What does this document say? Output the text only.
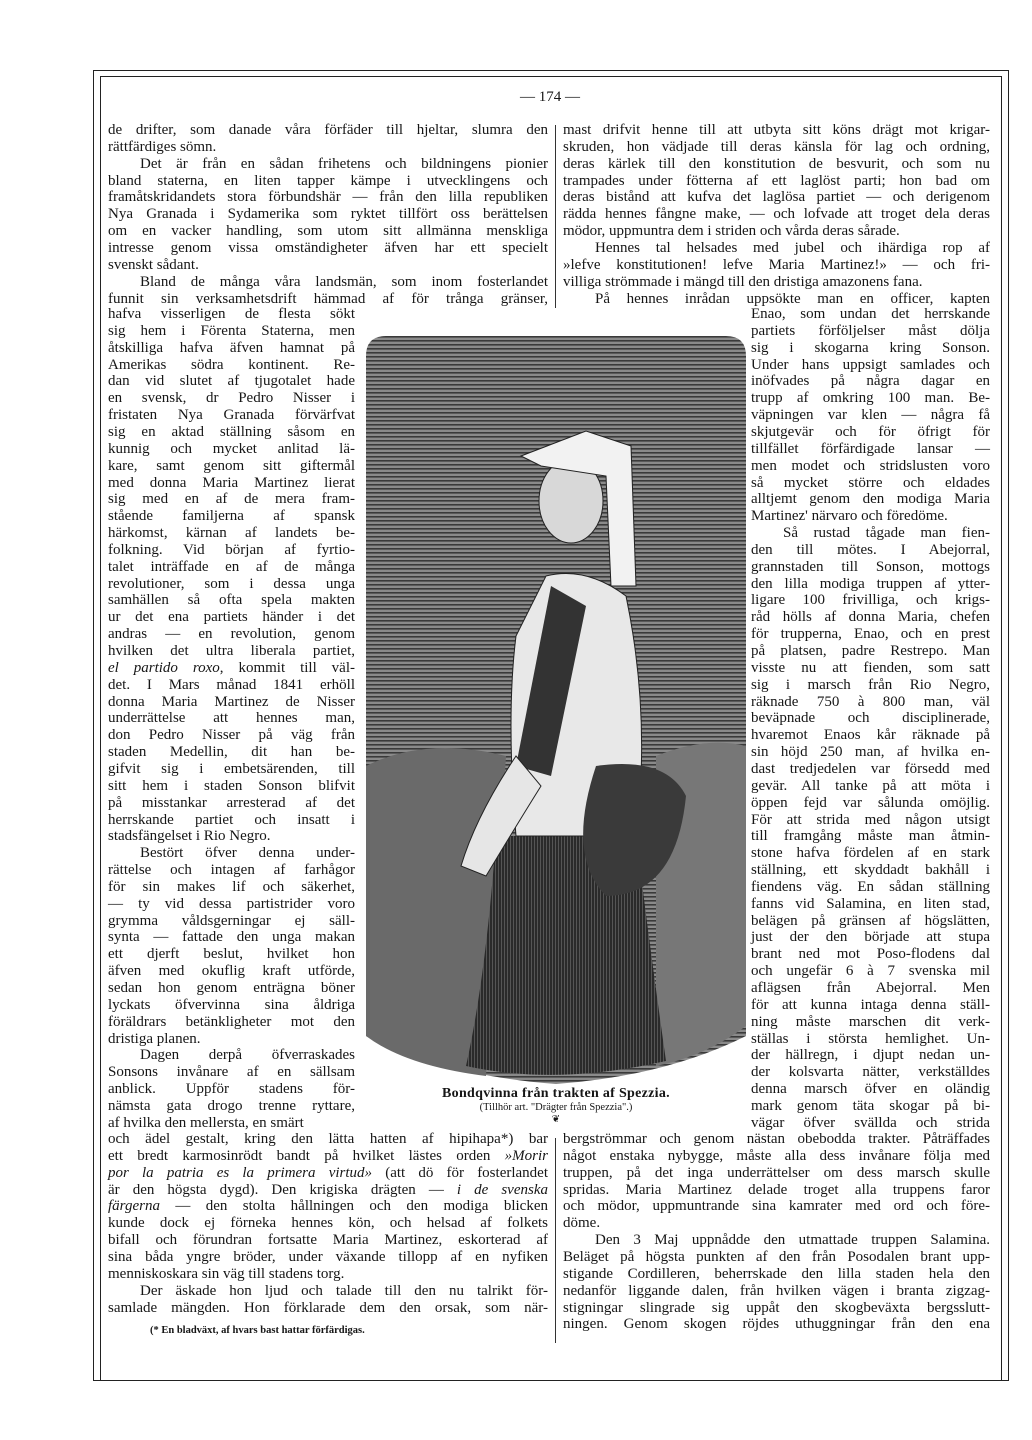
— 174 —
de drifter, som danade våra förfäder till hjeltar, slumra den
rättfärdiges sömn.
Det är från en sådan frihetens och bildningens pionier
bland staterna, en liten tapper kämpe i utvecklingens och
framåtskridandets stora förbundshär — från den lilla republiken
Nya Granada i Sydamerika som ryktet tillfört oss berättelsen
om en vacker handling, som utom sitt allmänna menskliga
intresse genom vissa omständigheter äfven har ett specielt
svenskt sådant.
Bland de många våra landsmän, som inom fosterlandet
funnit sin verksamhetsdrift hämmad af för trånga gränser,
hafva visserligen de flesta sökt
sig hem i Förenta Staterna, men
åtskilliga hafva äfven hamnat på
Amerikas södra kontinent. Re-
dan vid slutet af tjugotalet hade
en svensk, dr Pedro Nisser i
fristaten Nya Granada förvärfvat
sig en aktad ställning såsom en
kunnig och mycket anlitad lä-
kare, samt genom sitt giftermål
med donna Maria Martinez lierat
sig med en af de mera fram-
stående familjerna af spansk
härkomst, kärnan af landets be-
folkning. Vid början af fyrtio-
talet inträffade en af de många
revolutioner, som i dessa unga
samhällen så ofta spela makten
ur det ena partiets händer i det
andras — en revolution, genom
hvilken det ultra liberala partiet,
el partido roxo, kommit till väl-
det. I Mars månad 1841 erhöll
donna Maria Martinez de Nisser
underrättelse att hennes man,
don Pedro Nisser på väg från
staden Medellin, dit han be-
gifvit sig i embetsärenden, till
sitt hem i staden Sonson blifvit
på misstankar arresterad af det
herrskande partiet och insatt i
stadsfängelset i Rio Negro.
Bestört öfver denna under-
rättelse och intagen af farhågor
för sin makes lif och säkerhet,
— ty vid dessa partistrider voro
grymma våldsgerningar ej säll-
synta — fattade den unga makan
ett djerft beslut, hvilket hon
äfven med okuflig kraft utförde,
sedan hon genom enträgna böner
lyckats öfvervinna sina åldriga
föräldrars betänkligheter mot den
dristiga planen.
Dagen derpå öfverraskades
Sonsons invånare af en sällsam
anblick. Uppför stadens för-
nämsta gata drogo trenne ryttare,
af hvilka den mellersta, en smärt
och ädel gestalt, kring den lätta hatten af hipihapa*) bar
ett bredt karmosinrödt bandt på hvilket lästes orden »Morir
por la patria es la primera virtud» (att dö för fosterlandet
är den högsta dygd). Den krigiska drägten — i de svenska
färgerna — den stolta hållningen och den modiga blicken
kunde dock ej förneka hennes kön, och helsad af folkets
bifall och förundran fortsatte Maria Martinez, eskorterad af
sina båda yngre bröder, under växande tillopp af en nyfiken
menniskoskara sin väg till stadens torg.
Der äskade hon ljud och talade till den nu talrikt för-
samlade mängden. Hon förklarade dem den orsak, som när-
(* En bladväxt, af hvars bast hattar förfärdigas.
mast drifvit henne till att utbyta sitt köns drägt mot krigar-
skruden, hon vädjade till deras känsla för lag och ordning,
deras kärlek till den konstitution de besvurit, och som nu
trampades under fötterna af ett laglöst parti; hon bad om
deras bistånd att kufva det laglösa partiet — och derigenom
rädda hennes fångne make, — och lofvade att troget dela deras
mödor, uppmuntra dem i striden och vårda deras sårade.
Hennes tal helsades med jubel och ihärdiga rop af
»lefve konstitutionen! lefve Maria Martinez!» — och fri-
villiga strömmade i mängd till den dristiga amazonens fana.
På hennes inrådan uppsökte man en officer, kapten
Enao, som undan det herrskande
partiets förföljelser måst dölja
sig i skogarna kring Sonson.
Under hans uppsigt samlades och
inöfvades på några dagar en
trupp af omkring 100 man. Be-
väpningen var klen — några få
skjutgevär och för öfrigt för
tillfället förfärdigade lansar —
men modet och stridslusten voro
så mycket större och eldades
alltjemt genom den modiga Maria
Martinez' närvaro och föredöme.
Så rustad tågade man fien-
den till mötes. I Abejorral,
grannstaden till Sonson, mottogs
den lilla modiga truppen af ytter-
ligare 100 frivilliga, och krigs-
råd hölls af donna Maria, chefen
för trupperna, Enao, och en prest
på platsen, padre Restrepo. Man
visste nu att fienden, som satt
sig i marsch från Rio Negro,
räknade 750 à 800 man, väl
beväpnade och disciplinerade,
hvaremot Enaos kår räknade på
sin höjd 250 man, af hvilka en-
dast tredjedelen var försedd med
gevär. All tanke på att möta i
öppen fejd var sålunda omöjlig.
För att strida med någon utsigt
till framgång måste man åtmin-
stone hafva fördelen af en stark
ställning, ett skyddadt bakhåll i
fiendens väg. En sådan ställning
fanns vid Salamina, en liten stad,
belägen på gränsen af högslätten,
just der den började att stupa
brant ned mot Poso-flodens dal
och ungefär 6 à 7 svenska mil
aflägsen från Abejorral. Men
för att kunna intaga denna ställ-
ning måste marschen dit verk-
ställas i största hemlighet. Un-
der hällregn, i djupt nedan un-
der kolsvarta nätter, verkställdes
denna marsch öfver en oländig
mark genom täta skogar på bi-
vägar öfver svällda och strida
bergströmmar och genom nästan obebodda trakter. Påträffades
något enstaka nybygge, måste alla dess invånare följa med
truppen, på det inga underrättelser om dess marsch skulle
spridas. Maria Martinez delade troget alla truppens faror
och mödor, uppmuntrande sina kamrater med ord och före-
döme.
Den 3 Maj uppnådde den utmattade truppen Salamina.
Beläget på högsta punkten af den från Posodalen brant upp-
stigande Cordilleren, beherrskade den lilla staden hela den
nedanför liggande dalen, från hvilken vägen i branta zigzag-
stigningar slingrade sig uppåt den skogbeväxta bergsslutt-
ningen. Genom skogen röjdes uthuggningar från den ena
Bondqvinna från trakten af Spezzia.
(Tillhör art. "Drägter från Spezzia".)
❦
